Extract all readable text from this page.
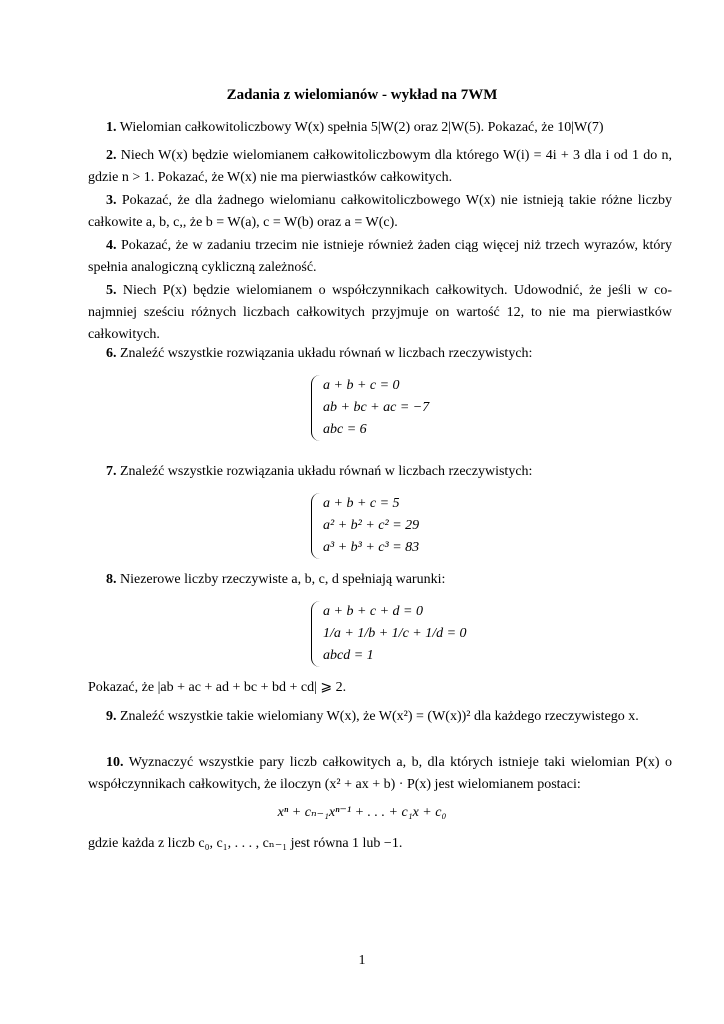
Zadania z wielomianów - wykład na 7WM
1. Wielomian całkowitoliczbowy W(x) spełnia 5|W(2) oraz 2|W(5). Pokazać, że 10|W(7)
2. Niech W(x) będzie wielomianem całkowitoliczbowym dla którego W(i) = 4i + 3 dla i od 1 do n, gdzie n > 1. Pokazać, że W(x) nie ma pierwiastków całkowitych.
3. Pokazać, że dla żadnego wielomianu całkowitoliczbowego W(x) nie istnieją takie różne liczby całkowite a, b, c,, że b = W(a), c = W(b) oraz a = W(c).
4. Pokazać, że w zadaniu trzecim nie istnieje również żaden ciąg więcej niż trzech wyrazów, który spełnia analogiczną cykliczną zależność.
5. Niech P(x) będzie wielomianem o współczynnikach całkowitych. Udowodnić, że jeśli w co-najmniej sześciu różnych liczbach całkowitych przyjmuje on wartość 12, to nie ma pierwiastków całkowitych.
6. Znaleźć wszystkie rozwiązania układu równań w liczbach rzeczywistych:
a + b + c = 0
ab + bc + ac = −7
abc = 6
7. Znaleźć wszystkie rozwiązania układu równań w liczbach rzeczywistych:
a + b + c = 5
a² + b² + c² = 29
a³ + b³ + c³ = 83
8. Niezerowe liczby rzeczywiste a, b, c, d spełniają warunki:
a + b + c + d = 0
1/a + 1/b + 1/c + 1/d = 0
abcd = 1
Pokazać, że |ab + ac + ad + bc + bd + cd| ⩾ 2.
9. Znaleźć wszystkie takie wielomiany W(x), że W(x²) = (W(x))² dla każdego rzeczywistego x.
10. Wyznaczyć wszystkie pary liczb całkowitych a, b, dla których istnieje taki wielomian P(x) o współczynnikach całkowitych, że iloczyn (x² + ax + b) · P(x) jest wielomianem postaci:
xⁿ + cₙ₋₁xⁿ⁻¹ + . . . + c₁x + c₀
gdzie każda z liczb c₀, c₁, . . . , cₙ₋₁ jest równa 1 lub −1.
1
